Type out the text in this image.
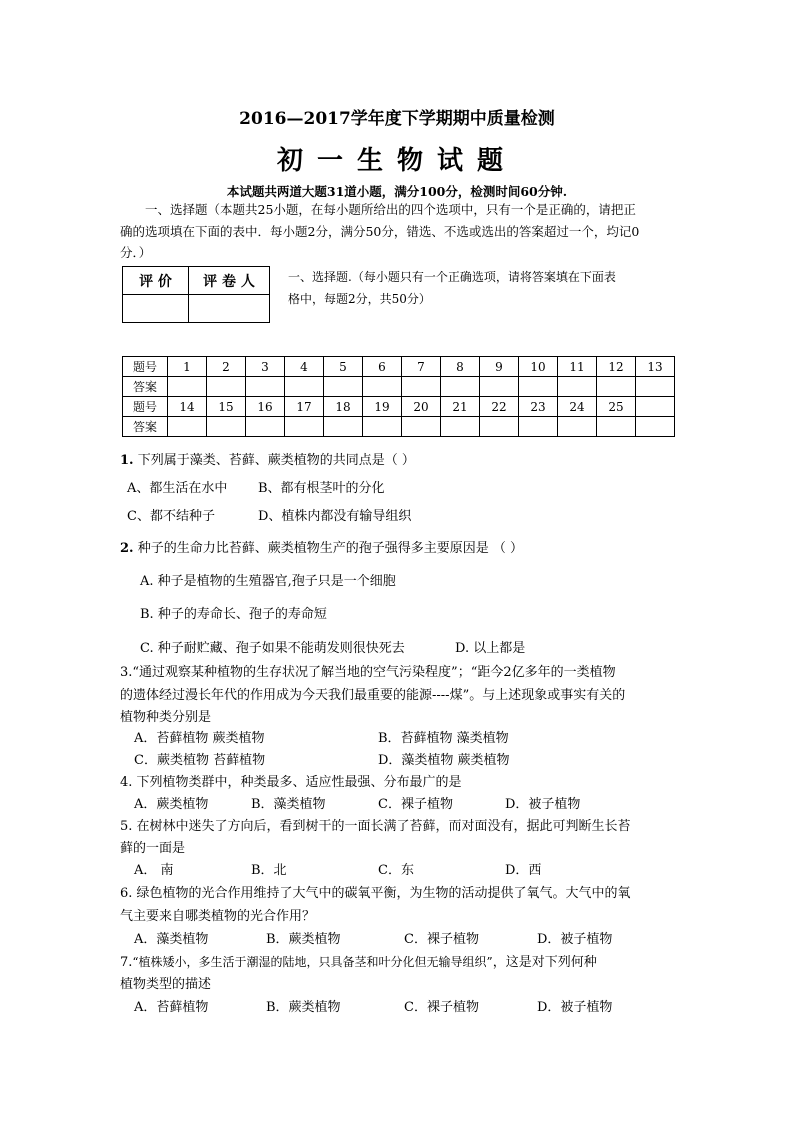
2016—2017学年度下学期期中质量检测
初一生物试题
本试题共两道大题31道小题，满分100分，检测时间60分钟.

一、选择题（本题共25小题，在每小题所给出的四个选项中，只有一个是正确的，请把正

确的选项填在下面的表中．每小题2分，满分50分，错选、不选或选出的答案超过一个，均记0

分．）

评 价	评 卷 人
		一、选择题.（每小题只有一个正确选项，请将答案填在下面表
格中，每题2分，共50分）
题号	1	2	3	4	5	6	7	8	9	10	11	12	13
答案													
题号	14	15	16	17	18	19	20	21	22	23	24	25	
答案													
1. 下列属于藻类、苔藓、蕨类植物的共同点是（ ）
A、都生活在水中 B、都有根茎叶的分化
C、都不结种子	D、植株内都没有输导组织
2. 种子的生命力比苔藓、蕨类植物生产的孢子强得多主要原因是 （ ）
A. 种子是植物的生殖器官,孢子只是一个细胞
B. 种子的寿命长、孢子的寿命短
C. 种子耐贮藏、孢子如果不能萌发则很快死去	D. 以上都是
3.“通过观察某种植物的生存状况了解当地的空气污染程度”；“距今2亿多年的一类植物
的遗体经过漫长年代的作用成为今天我们最重要的能源----煤”。与上述现象或事实有关的
植物种类分别是
A．苔藓植物 蕨类植物	B．苔藓植物 藻类植物
C．蕨类植物 苔藓植物	D．藻类植物 蕨类植物
4. 下列植物类群中，种类最多、适应性最强、分布最广的是
A．蕨类植物	B．藻类植物	C．裸子植物	D．被子植物
5. 在树林中迷失了方向后，看到树干的一面长满了苔藓，而对面没有，据此可判断生长苔
藓的一面是
A． 南	B．北	C．东	D．西
6. 绿色植物的光合作用维持了大气中的碳氧平衡，为生物的活动提供了氧气。大气中的氧
气主要来自哪类植物的光合作用？
A．藻类植物	B．蕨类植物	C．裸子植物	D．被子植物
7.“植株矮小，多生活于潮湿的陆地，只具备茎和叶分化但无输导组织”，这是对下列何种
植物类型的描述
A．苔藓植物	B．蕨类植物	C．裸子植物	D．被子植物
